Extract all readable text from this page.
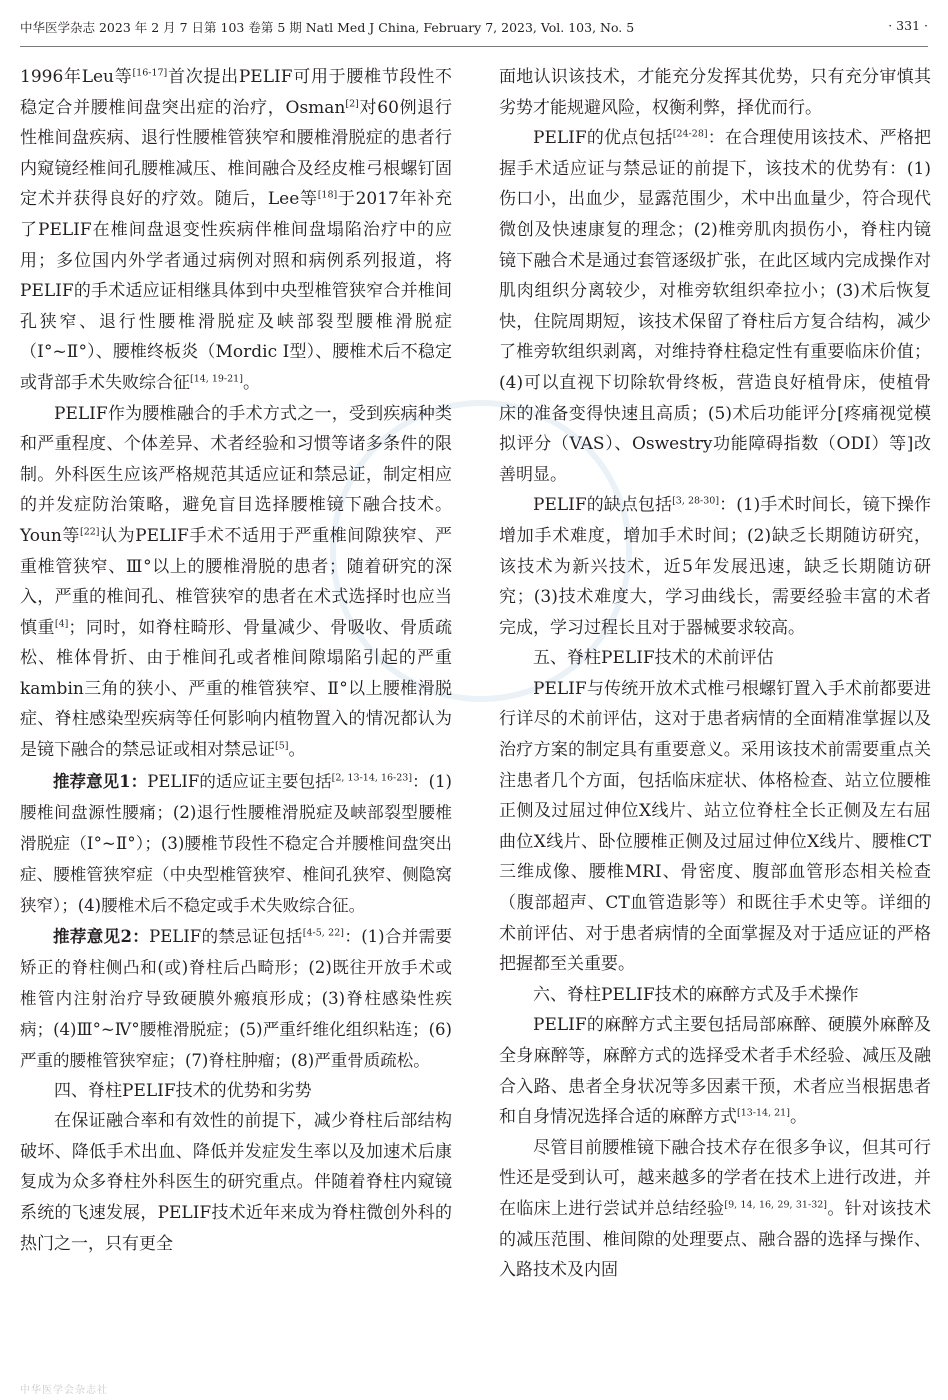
中华医学杂志 2023 年 2 月 7 日第 103 卷第 5 期 Natl Med J China, February 7, 2023, Vol. 103, No. 5	· 331 ·

1996年Leu等[16-17]首次提出PELIF可用于腰椎节段性不稳定合并腰椎间盘突出症的治疗，Osman[2]对60例退行性椎间盘疾病、退行性腰椎管狭窄和腰椎滑脱症的患者行内窥镜经椎间孔腰椎减压、椎间融合及经皮椎弓根螺钉固定术并获得良好的疗效。随后，Lee等[18]于2017年补充了PELIF在椎间盘退变性疾病伴椎间盘塌陷治疗中的应用；多位国内外学者通过病例对照和病例系列报道，将PELIF的手术适应证相继具体到中央型椎管狭窄合并椎间孔狭窄、退行性腰椎滑脱症及峡部裂型腰椎滑脱症（Ⅰ°~Ⅱ°）、腰椎终板炎（Mordic Ⅰ型）、腰椎术后不稳定或背部手术失败综合征[14, 19-21]。

PELIF作为腰椎融合的手术方式之一，受到疾病种类和严重程度、个体差异、术者经验和习惯等诸多条件的限制。外科医生应该严格规范其适应证和禁忌证，制定相应的并发症防治策略，避免盲目选择腰椎镜下融合技术。Youn等[22]认为PELIF手术不适用于严重椎间隙狭窄、严重椎管狭窄、Ⅲ°以上的腰椎滑脱的患者；随着研究的深入，严重的椎间孔、椎管狭窄的患者在术式选择时也应当慎重[4]；同时，如脊柱畸形、骨量减少、骨吸收、骨质疏松、椎体骨折、由于椎间孔或者椎间隙塌陷引起的严重kambin三角的狭小、严重的椎管狭窄、Ⅱ°以上腰椎滑脱症、脊柱感染型疾病等任何影响内植物置入的情况都认为是镜下融合的禁忌证或相对禁忌证[5]。

推荐意见1：PELIF的适应证主要包括[2, 13-14, 16-23]：(1)腰椎间盘源性腰痛；(2)退行性腰椎滑脱症及峡部裂型腰椎滑脱症（Ⅰ°~Ⅱ°）；(3)腰椎节段性不稳定合并腰椎间盘突出症、腰椎管狭窄症（中央型椎管狭窄、椎间孔狭窄、侧隐窝狭窄）；(4)腰椎术后不稳定或手术失败综合征。

推荐意见2：PELIF的禁忌证包括[4-5, 22]：(1)合并需要矫正的脊柱侧凸和(或)脊柱后凸畸形；(2)既往开放手术或椎管内注射治疗导致硬膜外瘢痕形成；(3)脊柱感染性疾病；(4)Ⅲ°~Ⅳ°腰椎滑脱症；(5)严重纤维化组织粘连；(6)严重的腰椎管狭窄症；(7)脊柱肿瘤；(8)严重骨质疏松。

四、脊柱PELIF技术的优势和劣势

在保证融合率和有效性的前提下，减少脊柱后部结构破坏、降低手术出血、降低并发症发生率以及加速术后康复成为众多脊柱外科医生的研究重点。伴随着脊柱内窥镜系统的飞速发展，PELIF技术近年来成为脊柱微创外科的热门之一，只有更全

面地认识该技术，才能充分发挥其优势，只有充分审慎其劣势才能规避风险，权衡利弊，择优而行。

PELIF的优点包括[24-28]：在合理使用该技术、严格把握手术适应证与禁忌证的前提下，该技术的优势有：(1)伤口小，出血少，显露范围少，术中出血量少，符合现代微创及快速康复的理念；(2)椎旁肌肉损伤小，脊柱内镜镜下融合术是通过套管逐级扩张，在此区域内完成操作对肌肉组织分离较少，对椎旁软组织牵拉小；(3)术后恢复快，住院周期短，该技术保留了脊柱后方复合结构，减少了椎旁软组织剥离，对维持脊柱稳定性有重要临床价值；(4)可以直视下切除软骨终板，营造良好植骨床，使植骨床的准备变得快速且高质；(5)术后功能评分[疼痛视觉模拟评分（VAS）、Oswestry功能障碍指数（ODI）等]改善明显。

PELIF的缺点包括[3, 28-30]：(1)手术时间长，镜下操作增加手术难度，增加手术时间；(2)缺乏长期随访研究，该技术为新兴技术，近5年发展迅速，缺乏长期随访研究；(3)技术难度大，学习曲线长，需要经验丰富的术者完成，学习过程长且对于器械要求较高。

五、脊柱PELIF技术的术前评估

PELIF与传统开放术式椎弓根螺钉置入手术前都要进行详尽的术前评估，这对于患者病情的全面精准掌握以及治疗方案的制定具有重要意义。采用该技术前需要重点关注患者几个方面，包括临床症状、体格检查、站立位腰椎正侧及过屈过伸位X线片、站立位脊柱全长正侧及左右屈曲位X线片、卧位腰椎正侧及过屈过伸位X线片、腰椎CT三维成像、腰椎MRI、骨密度、腹部血管形态相关检查（腹部超声、CT血管造影等）和既往手术史等。详细的术前评估、对于患者病情的全面掌握及对于适应证的严格把握都至关重要。

六、脊柱PELIF技术的麻醉方式及手术操作

PELIF的麻醉方式主要包括局部麻醉、硬膜外麻醉及全身麻醉等，麻醉方式的选择受术者手术经验、减压及融合入路、患者全身状况等多因素干预，术者应当根据患者和自身情况选择合适的麻醉方式[13-14, 21]。

尽管目前腰椎镜下融合技术存在很多争议，但其可行性还是受到认可，越来越多的学者在技术上进行改进，并在临床上进行尝试并总结经验[9, 14, 16, 29, 31-32]。针对该技术的减压范围、椎间隙的处理要点、融合器的选择与操作、入路技术及内固

中华医学会杂志社
